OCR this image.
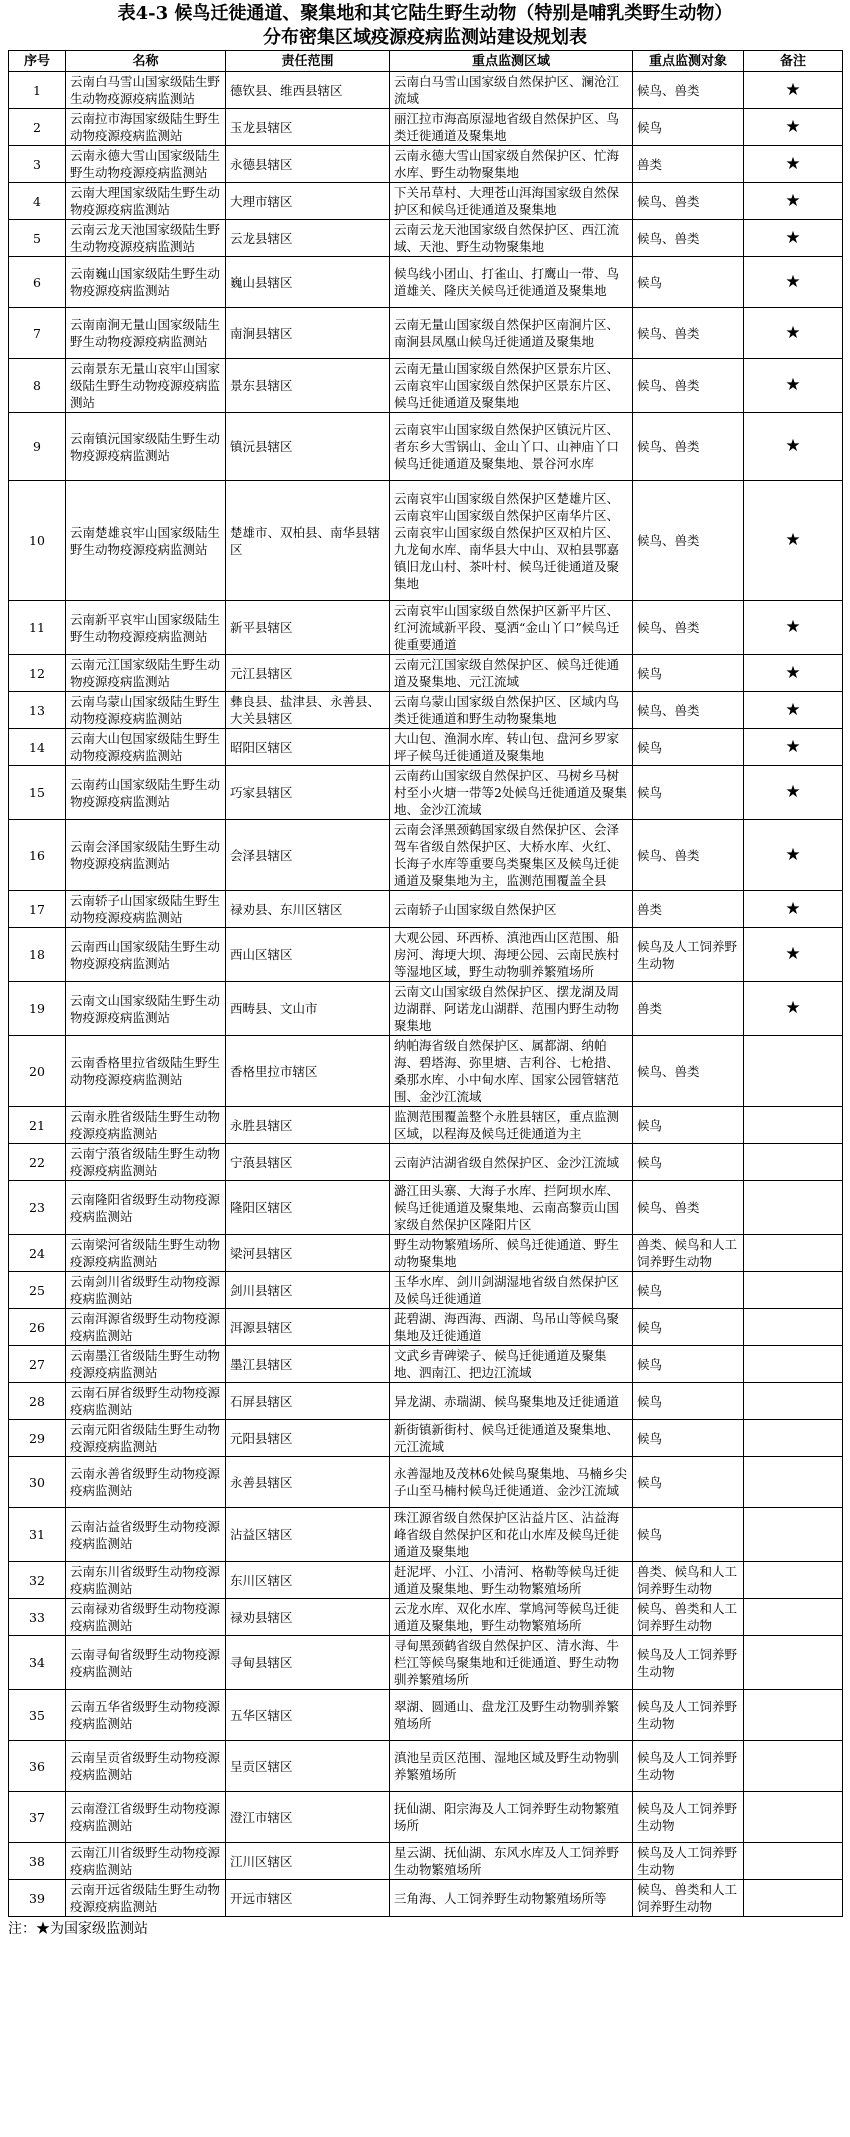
表4-3 候鸟迁徙通道、聚集地和其它陆生野生动物（特别是哺乳类野生动物）
分布密集区域疫源疫病监测站建设规划表
序号	名称	责任范围	重点监测区域	重点监测对象	备注
1	云南白马雪山国家级陆生野生动物疫源疫病监测站	德钦县、维西县辖区	云南白马雪山国家级自然保护区、澜沧江流域	候鸟、兽类	★
2	云南拉市海国家级陆生野生动物疫源疫病监测站	玉龙县辖区	丽江拉市海高原湿地省级自然保护区、鸟类迁徙通道及聚集地	候鸟	★
3	云南永德大雪山国家级陆生野生动物疫源疫病监测站	永德县辖区	云南永德大雪山国家级自然保护区、忙海水库、野生动物聚集地	兽类	★
4	云南大理国家级陆生野生动物疫源疫病监测站	大理市辖区	下关吊草村、大理苍山洱海国家级自然保护区和候鸟迁徙通道及聚集地	候鸟、兽类	★
5	云南云龙天池国家级陆生野生动物疫源疫病监测站	云龙县辖区	云南云龙天池国家级自然保护区、西江流域、天池、野生动物聚集地	候鸟、兽类	★
6	云南巍山国家级陆生野生动物疫源疫病监测站	巍山县辖区	候鸟线小团山、打雀山、打鹰山一带、鸟道雄关、隆庆关候鸟迁徙通道及聚集地	候鸟	★
7	云南南涧无量山国家级陆生野生动物疫源疫病监测站	南涧县辖区	云南无量山国家级自然保护区南涧片区、南涧县凤凰山候鸟迁徙通道及聚集地	候鸟、兽类	★
8	云南景东无量山哀牢山国家级陆生野生动物疫源疫病监测站	景东县辖区	云南无量山国家级自然保护区景东片区、云南哀牢山国家级自然保护区景东片区、候鸟迁徙通道及聚集地	候鸟、兽类	★
9	云南镇沅国家级陆生野生动物疫源疫病监测站	镇沅县辖区	云南哀牢山国家级自然保护区镇沅片区、者东乡大雪锅山、金山丫口、山神庙丫口候鸟迁徙通道及聚集地、景谷河水库	候鸟、兽类	★
10	云南楚雄哀牢山国家级陆生野生动物疫源疫病监测站	楚雄市、双柏县、南华县辖区	云南哀牢山国家级自然保护区楚雄片区、云南哀牢山国家级自然保护区南华片区、云南哀牢山国家级自然保护区双柏片区、九龙甸水库、南华县大中山、双柏县鄂嘉镇旧龙山村、茶叶村、候鸟迁徙通道及聚集地	候鸟、兽类	★
11	云南新平哀牢山国家级陆生野生动物疫源疫病监测站	新平县辖区	云南哀牢山国家级自然保护区新平片区、红河流域新平段、戛洒“金山丫口”候鸟迁徙重要通道	候鸟、兽类	★
12	云南元江国家级陆生野生动物疫源疫病监测站	元江县辖区	云南元江国家级自然保护区、候鸟迁徙通道及聚集地、元江流域	候鸟	★
13	云南乌蒙山国家级陆生野生动物疫源疫病监测站	彝良县、盐津县、永善县、大关县辖区	云南乌蒙山国家级自然保护区、区域内鸟类迁徙通道和野生动物聚集地	候鸟、兽类	★
14	云南大山包国家级陆生野生动物疫源疫病监测站	昭阳区辖区	大山包、渔洞水库、转山包、盘河乡罗家坪子候鸟迁徙通道及聚集地	候鸟	★
15	云南药山国家级陆生野生动物疫源疫病监测站	巧家县辖区	云南药山国家级自然保护区、马树乡马树村至小火塘一带等2处候鸟迁徙通道及聚集地、金沙江流域	候鸟	★
16	云南会泽国家级陆生野生动物疫源疫病监测站	会泽县辖区	云南会泽黑颈鹤国家级自然保护区、会泽驾车省级自然保护区、大桥水库、火红、长海子水库等重要鸟类聚集区及候鸟迁徙通道及聚集地为主，监测范围覆盖全县	候鸟、兽类	★
17	云南轿子山国家级陆生野生动物疫源疫病监测站	禄劝县、东川区辖区	云南轿子山国家级自然保护区	兽类	★
18	云南西山国家级陆生野生动物疫源疫病监测站	西山区辖区	大观公园、环西桥、滇池西山区范围、船房河、海埂大坝、海埂公园、云南民族村等湿地区域，野生动物驯养繁殖场所	候鸟及人工饲养野生动物	★
19	云南文山国家级陆生野生动物疫源疫病监测站	西畴县、文山市	云南文山国家级自然保护区、摆龙湖及周边湖群、阿诺龙山湖群、范围内野生动物聚集地	兽类	★
20	云南香格里拉省级陆生野生动物疫源疫病监测站	香格里拉市辖区	纳帕海省级自然保护区、属都湖、纳帕海、碧塔海、弥里塘、吉利谷、七枪措、桑那水库、小中甸水库、国家公园管辖范围、金沙江流域	候鸟、兽类	
21	云南永胜省级陆生野生动物疫源疫病监测站	永胜县辖区	监测范围覆盖整个永胜县辖区，重点监测区域，以程海及候鸟迁徙通道为主	候鸟	
22	云南宁蒗省级陆生野生动物疫源疫病监测站	宁蒗县辖区	云南泸沽湖省级自然保护区、金沙江流域	候鸟	
23	云南隆阳省级野生动物疫源疫病监测站	隆阳区辖区	潞江田头寨、大海子水库、拦阿坝水库、候鸟迁徙通道及聚集地、云南高黎贡山国家级自然保护区隆阳片区	候鸟、兽类	
24	云南梁河省级陆生野生动物疫源疫病监测站	梁河县辖区	野生动物繁殖场所、候鸟迁徙通道、野生动物聚集地	兽类、候鸟和人工饲养野生动物	
25	云南剑川省级野生动物疫源疫病监测站	剑川县辖区	玉华水库、剑川剑湖湿地省级自然保护区及候鸟迁徙通道	候鸟	
26	云南洱源省级野生动物疫源疫病监测站	洱源县辖区	茈碧湖、海西海、西湖、鸟吊山等候鸟聚集地及迁徙通道	候鸟	
27	云南墨江省级陆生野生动物疫源疫病监测站	墨江县辖区	文武乡青碑梁子、候鸟迁徙通道及聚集地、泗南江、把边江流域	候鸟	
28	云南石屏省级野生动物疫源疫病监测站	石屏县辖区	异龙湖、赤瑞湖、候鸟聚集地及迁徙通道	候鸟	
29	云南元阳省级陆生野生动物疫源疫病监测站	元阳县辖区	新街镇新街村、候鸟迁徙通道及聚集地、元江流域	候鸟	
30	云南永善省级野生动物疫源疫病监测站	永善县辖区	永善湿地及茂林6处候鸟聚集地、马楠乡尖子山至马楠村候鸟迁徙通道、金沙江流域	候鸟	
31	云南沾益省级野生动物疫源疫病监测站	沾益区辖区	珠江源省级自然保护区沾益片区、沾益海峰省级自然保护区和花山水库及候鸟迁徙通道及聚集地	候鸟	
32	云南东川省级野生动物疫源疫病监测站	东川区辖区	赶泥坪、小江、小清河、格勒等候鸟迁徙通道及聚集地、野生动物繁殖场所	兽类、候鸟和人工饲养野生动物	
33	云南禄劝省级野生动物疫源疫病监测站	禄劝县辖区	云龙水库、双化水库、掌鸠河等候鸟迁徙通道及聚集地，野生动物繁殖场所	候鸟、兽类和人工饲养野生动物	
34	云南寻甸省级野生动物疫源疫病监测站	寻甸县辖区	寻甸黑颈鹤省级自然保护区、清水海、牛栏江等候鸟聚集地和迁徙通道、野生动物驯养繁殖场所	候鸟及人工饲养野生动物	
35	云南五华省级野生动物疫源疫病监测站	五华区辖区	翠湖、圆通山、盘龙江及野生动物驯养繁殖场所	候鸟及人工饲养野生动物	
36	云南呈贡省级野生动物疫源疫病监测站	呈贡区辖区	滇池呈贡区范围、湿地区域及野生动物驯养繁殖场所	候鸟及人工饲养野生动物	
37	云南澄江省级野生动物疫源疫病监测站	澄江市辖区	抚仙湖、阳宗海及人工饲养野生动物繁殖场所	候鸟及人工饲养野生动物	
38	云南江川省级野生动物疫源疫病监测站	江川区辖区	星云湖、抚仙湖、东风水库及人工饲养野生动物繁殖场所	候鸟及人工饲养野生动物	
39	云南开远省级陆生野生动物疫源疫病监测站	开远市辖区	三角海、人工饲养野生动物繁殖场所等	候鸟、兽类和人工饲养野生动物	
注：★为国家级监测站
